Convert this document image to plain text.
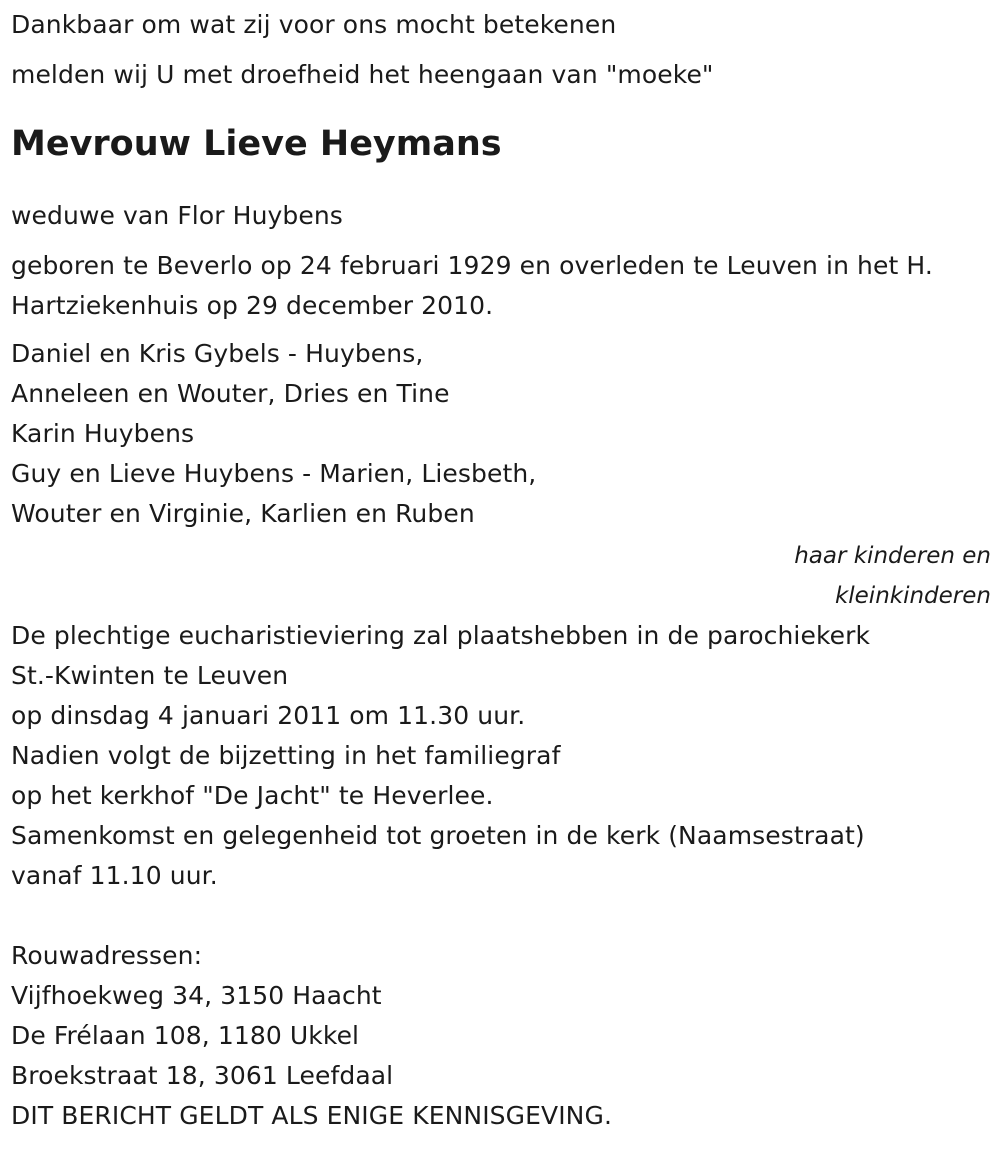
Dankbaar om wat zij voor ons mocht betekenen
melden wij U met droefheid het heengaan van "moeke"
Mevrouw Lieve Heymans
weduwe van Flor Huybens
geboren te Beverlo op 24 februari 1929 en overleden te Leuven in het H.
Hartziekenhuis op 29 december 2010.
Daniel en Kris Gybels - Huybens,
Anneleen en Wouter, Dries en Tine
Karin Huybens
Guy en Lieve Huybens - Marien, Liesbeth,
Wouter en Virginie, Karlien en Ruben
haar kinderen en
kleinkinderen
De plechtige eucharistieviering zal plaatshebben in de parochiekerk
St.-Kwinten te Leuven
op dinsdag 4 januari 2011 om 11.30 uur.
Nadien volgt de bijzetting in het familiegraf
op het kerkhof "De Jacht" te Heverlee.
Samenkomst en gelegenheid tot groeten in de kerk (Naamsestraat)
vanaf 11.10 uur.
Rouwadressen:
Vijfhoekweg 34, 3150 Haacht
De Frélaan 108, 1180 Ukkel
Broekstraat 18, 3061 Leefdaal
DIT BERICHT GELDT ALS ENIGE KENNISGEVING.
